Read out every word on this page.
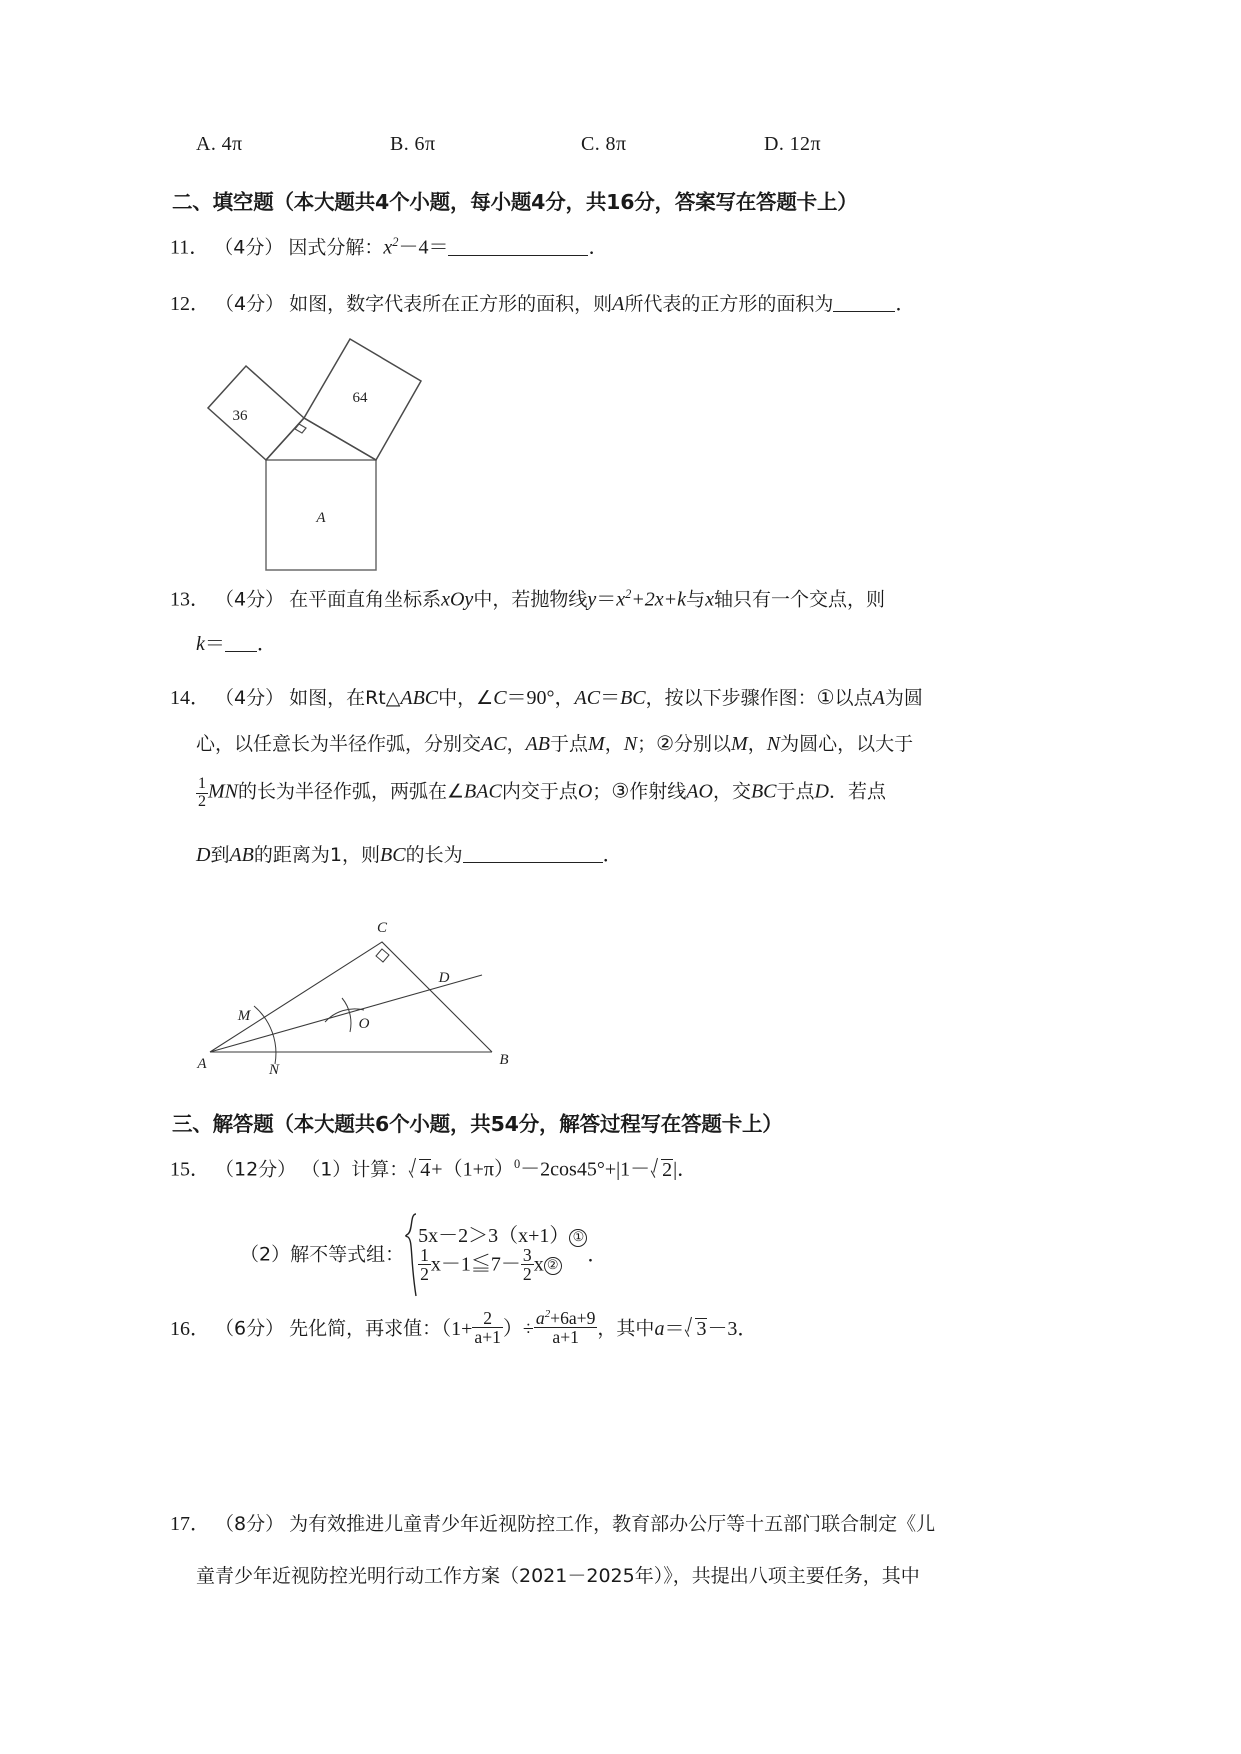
A. 4π	B. 6π	C. 8π	D. 12π
二、填空题（本大题共4个小题，每小题4分，共16分，答案写在答题卡上）
11． （4分） 因式分解：$x^2-4=$	．
12． （4分） 如图，数字代表所在正方形的面积，则A所代表的正方形的面积为	．
36
64
A
13． （4分） 在平面直角坐标系xOy中，若抛物线$y=x^2+2x+k$与x轴只有一个交点，则
k＝ ．
14． （4分） 如图，在Rt△ABC中，∠C＝90°，AC＝BC，按以下步骤作图：①以点A为圆
心，以任意长为半径作弧，分别交AC，AB于点M，N；②分别以M，N为圆心，以大于
$\frac{1}{2}$ MN的长为半径作弧，两弧在∠BAC内交于点O；③作射线AO，交BC于点D．若点
D到AB的距离为1，则BC的长为	．
C
D
M	O
A	N
B
三、解答题（本大题共6个小题，共54分，解答过程写在答题卡上）
15． （12分） （1）计算： $4+(1+\pi)^0-2\cos 45^\circ+|1- 2|$．
（2）解不等式组：
5x－2＞3（x+1） ①
$\frac{1}{2}$ x－1≦7－ $\frac{3}{2}$ x ②	．
16． （6分） 先化简，再求值：（$1+ \frac{2}{a+1}$ ）÷ $\frac{a^2+6a+9}{a+1}$ ，其中a＝ 3－3．
17． （8分） 为有效推进儿童青少年近视防控工作，教育部办公厅等十五部门联合制定《儿
童青少年近视防控光明行动工作方案（2021－2025年）》，共提出八项主要任务，其中
